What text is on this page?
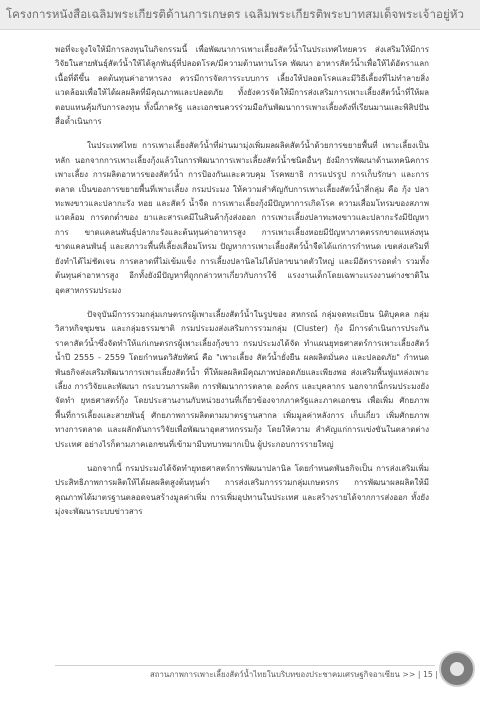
โครงการหนังสือเฉลิมพระเกียรติด้านการเกษตร เฉลิมพระเกียรติพระบาทสมเด็จพระเจ้าอยู่หัว

พอที่จะจูงใจให้มีการลงทุนในกิจกรรมนี้ เพื่อพัฒนาการเพาะเลี้ยงสัตว์น้ำในประเทศไทยควร ส่งเสริมให้มีการวิจัยในสายพันธุ์สัตว์น้ำให้ได้ลูกพันธุ์ที่ปลอดโรค/มีความต้านทานโรค พัฒนา อาหารสัตว์น้ำเพื่อให้ได้อัตราแลกเนื้อที่ดีขึ้น ลดต้นทุนค่าอาหารลง ควรมีการจัดการระบบการ เลี้ยงให้ปลอดโรคและมีวิธีเลี้ยงที่ไม่ทำลายสิ่งแวดล้อมเพื่อให้ได้ผลผลิตที่มีคุณภาพและปลอดภัย ทั้งยังควรจัดให้มีการส่งเสริมการเพาะเลี้ยงสัตว์น้ำที่ให้ผลตอบแทนคุ้มกับการลงทุน ทั้งนี้ภาครัฐ และเอกชนควรร่วมมือกันพัฒนาการเพาะเลี้ยงดังที่เรียนมานและพิสิปปันสื่อด้ำเนินการ

ในประเทศไทย การเพาะเลี้ยงสัตว์น้ำที่ผ่านมามุ่งเพิ่มผลผลิตสัตว์น้ำด้วยการขยายพื้นที่ เพาะเลี้ยงเป็นหลัก นอกจากการเพาะเลี้ยงกุ้งแล้วในการพัฒนาการเพาะเลี้ยงสัตว์น้ำชนิดอื่นๆ ยังมีการพัฒนาด้านเทคนิคการเพาะเลี้ยง การผลิตอาหารของสัตว์น้ำ การป้องกันและควบคุม โรคพยาธิ การแปรรูป การเก็บรักษา และการตลาด เป็นของการขยายพื้นที่เพาะเลี้ยง กรมประมง ให้ความสำคัญกับการเพาะเลี้ยงสัตว์น้ำสี่กลุ่ม คือ กุ้ง ปลาทะพงขาวและปลากะรัง หอย และสัตว์ น้ำจืด การเพาะเลี้ยงกุ้งมีปัญหาการเกิดโรค ความเสื่อมโทรมของสภาพแวดล้อม การตกต่ำของ ยาและสารเคมีในสินค้ากุ้งส่งออก การเพาะเลี้ยงปลาทะพงขาวและปลากะรังมีปัญหาการ ขาดแคลนพันธุ์ปลากะรังและต้นทุนค่าอาหารสูง การเพาะเลี้ยงหอยมีปัญหาภาคตรรกขาดแหล่งทุน ขาดแคลนพันธุ์ และสภาวะพื้นที่เลี้ยงเสื่อมโทรม ปัญหาการเพาะเลี้ยงสัตว์น้ำจืดได้แก่การกำหนด เขตส่งเสริมที่ยังทำได้ไม่ชัดเจน การตลาดที่ไม่เข้มแข็ง การเลี้ยงปลานิลไม่ได้ปลาขนาดตัวใหญ่ และมีอัตรารอดต่ำ รวมทั้งต้นทุนค่าอาหารสูง อีกทั้งยังมีปัญหาที่ถูกกล่าวหาเกี่ยวกับการใช้ แรงงานเด็กโดยเฉพาะแรงงานต่างชาติในอุตสาหกรรมประมง

ปัจจุบันมีการรวมกลุ่มเกษตรกรผู้เพาะเลี้ยงสัตว์น้ำในรูปของ สหกรณ์ กลุ่มจดทะเบียน นิติบุคคล กลุ่มวิสาหกิจชุมชน และกลุ่มธรรมชาติ กรมประมงส่งเสริมการรวมกลุ่ม (Cluster) กุ้ง มีการดำเนินการประกันราคาสัตว์น้ำซึ่งจัดทำให้แก่เกษตรกรผู้เพาะเลี้ยงกุ้งขาว กรมประมงได้จัด ทำแผนยุทธศาสตร์การเพาะเลี้ยงสัตว์น้ำปี 2555 - 2559 โดยกำหนดวิสัยทัศน์ คือ "เพาะเลี้ยง สัตว์น้ำยั่งยืน ผลผลิตมั่นคง และปลอดภัย" กำหนดพันธกิจส่งเสริมพัฒนาการเพาะเลี้ยงสัตว์น้ำ ที่ให้ผลผลิตมีคุณภาพปลอดภัยและเพียงพอ ส่งเสริมพื้นฟูแหล่งเพาะเลี้ยง การวิจัยและพัฒนา กระบวนการผลิต การพัฒนาการตลาด องค์กร และบุคลากร นอกจากนี้กรมประมงยังจัดทำ ยุทธศาสตร์กุ้ง โดยประสานงานกับหน่วยงานที่เกี่ยวข้องจากภาครัฐและภาคเอกชน เพื่อเพิ่ม ศักยภาพพื้นที่การเลี้ยงและสายพันธุ์ ศักยภาพการผลิตตามมาตรฐานสากล เพิ่มมูลค่าหลังการ เก็บเกี่ยว เพิ่มศักยภาพทางการตลาด และผลักดันการวิจัยเพื่อพัฒนาอุตสาหกรรมกุ้ง โดยให้ความ สำคัญแก่การแข่งขันในตลาดต่างประเทศ อย่างไรก็ตามภาคเอกชนที่เข้ามามีบทบาทมากเป็น ผู้ประกอบการรายใหญ่

นอกจากนี้ กรมประมงได้จัดทำยุทธศาสตร์การพัฒนาปลานิล โดยกำหนดพันธกิจเป็น การส่งเสริมเพิ่มประสิทธิภาพการผลิตให้ได้ผลผลิตสูงต้นทุนต่ำ การส่งเสริมการรวมกลุ่มเกษตรกร การพัฒนาผลผลิตให้มีคุณภาพได้มาตรฐานตลอดจนสร้างมูลค่าเพิ่ม การเพิ่มอุปทานในประเทศ และสร้างรายได้จากการส่งออก ทั้งยังมุ่งจะพัฒนาระบบข่าวสาร

สถานภาพการเพาะเลี้ยงสัตว์น้ำไทยในบริบทของประชาคมเศรษฐกิจอาเซียน >> | 15 |
